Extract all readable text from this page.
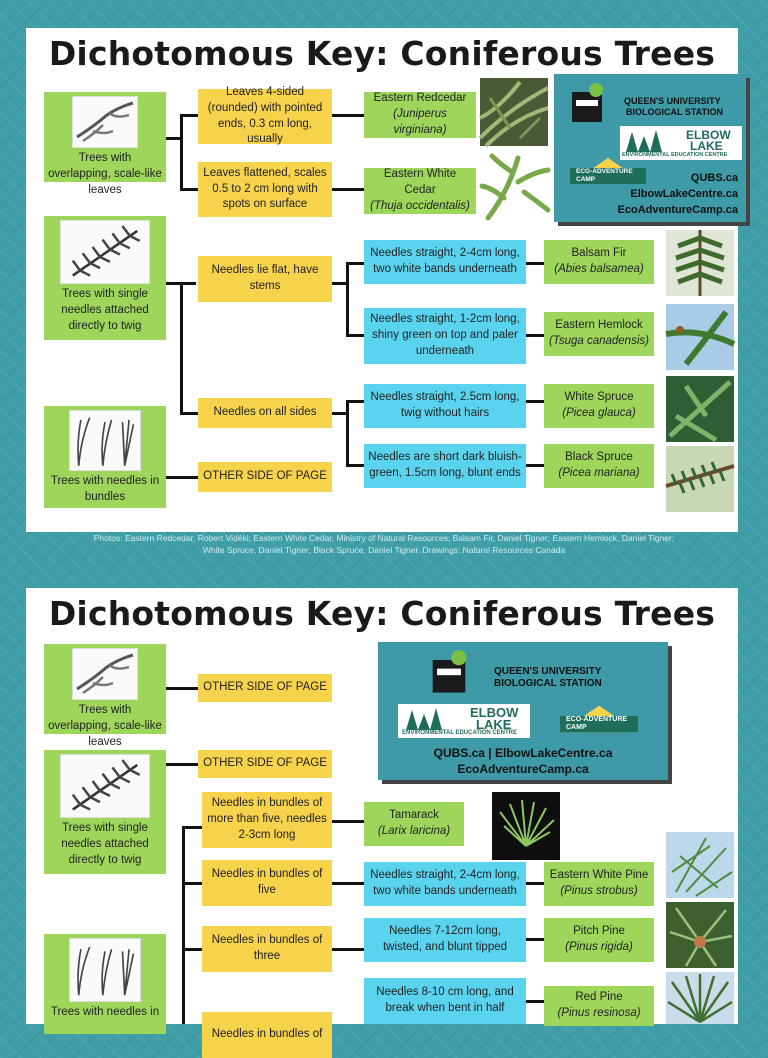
Dichotomous Key: Coniferous Trees
Trees with overlapping, scale-like leaves
Trees with single needles attached directly to twig
Trees with needles in bundles
Leaves 4-sided (rounded) with pointed ends, 0.3 cm long, usually
Leaves flattened, scales 0.5 to 2 cm long with spots on surface
Eastern Redcedar
(Juniperus virginiana)
Eastern White Cedar
(Thuja occidentalis)
Needles lie flat, have stems
Needles on all sides
OTHER SIDE OF PAGE
Needles straight, 2-4cm long, two white bands underneath
Needles straight, 1-2cm long, shiny green on top and paler underneath
Needles straight, 2.5cm long, twig without hairs
Needles are short dark bluish-green, 1.5cm long, blunt ends
Balsam Fir
(Abies balsamea)
Eastern Hemlock
(Tsuga canadensis)
White Spruce
(Picea glauca)
Black Spruce
(Picea mariana)
QUEEN'S UNIVERSITY
BIOLOGICAL STATION
ELBOW
LAKE
ENVIRONMENTAL EDUCATION CENTRE
ECO-ADVENTURE
CAMP	QUBS.ca
ElbowLakeCentre.ca
EcoAdventureCamp.ca
Photos: Eastern Redcedar, Robert Vidéki; Eastern White Cedar, Ministry of Natural Resources; Balsam Fir, Daniel Tigner; Eastern Hemlock, Daniel Tigner;
White Spruce, Daniel Tigner; Black Spruce, Daniel Tigner. Drawings: Natural Resources Canada
Dichotomous Key: Coniferous Trees
Trees with overlapping, scale-like leaves
Trees with single needles attached directly to twig
Trees with needles in
OTHER SIDE OF PAGE
OTHER SIDE OF PAGE
Needles in bundles of more than five, needles 2-3cm long
Needles in bundles of five
Needles in bundles of three
Needles in bundles of
Tamarack
(Larix laricina)
Needles straight, 2-4cm long, two white bands underneath
Needles 7-12cm long, twisted, and blunt tipped
Needles 8-10 cm long, and break when bent in half
Eastern White Pine
(Pinus strobus)
Pitch Pine
(Pinus rigida)
Red Pine
(Pinus resinosa)
QUEEN'S UNIVERSITY
BIOLOGICAL STATION
ELBOW
LAKE
ENVIRONMENTAL EDUCATION CENTRE
ECO-ADVENTURE
CAMP
QUBS.ca | ElbowLakeCentre.ca
EcoAdventureCamp.ca
